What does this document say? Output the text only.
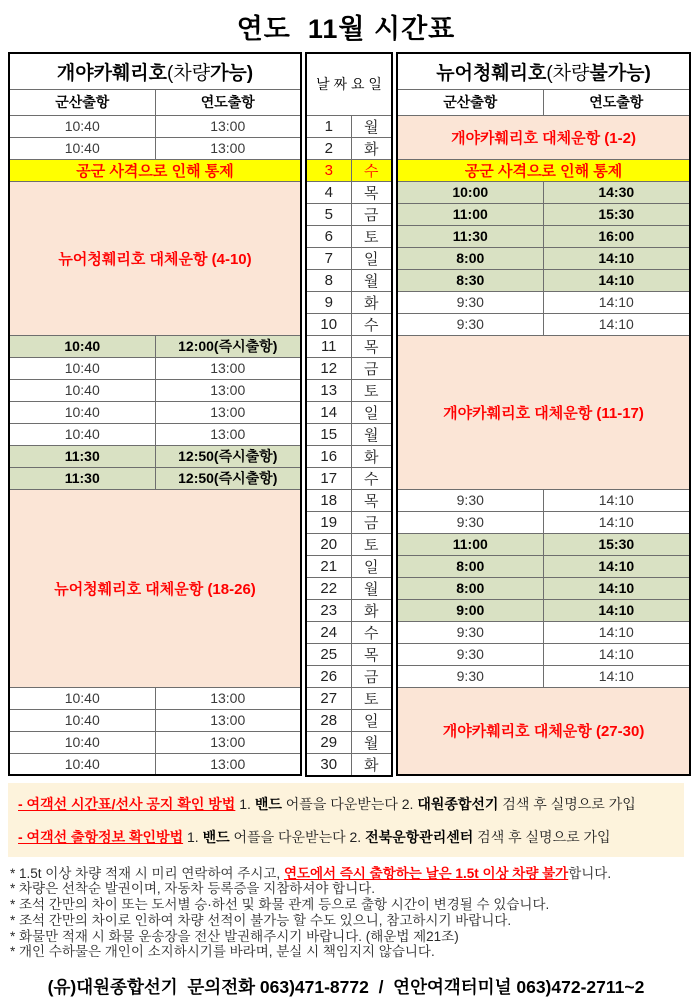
연도  11월 시간표
개야카훼리호(차량가능)	
군산출항	연도출항
10:40	13:00
10:40	13:00
공군 사격으로 인해 통제	
뉴어청훼리호 대체운항 (4-10)	

10:40	12:00(즉시출항)
10:40	13:00
10:40	13:00
10:40	13:00
10:40	13:00
11:30	12:50(즉시출항)
11:30	12:50(즉시출항)
뉴어청훼리호 대체운항 (18-26)	

10:40	13:00
10:40	13:00
10:40	13:00
10:40	13:00
날 짜 요 일	

1	월
2	화
3	수
4	목
5	금
6	토
7	일
8	월
9	화
10	수
11	목
12	금
13	토
14	일
15	월
16	화
17	수
18	목
19	금
20	토
21	일
22	월
23	화
24	수
25	목
26	금
27	토
28	일
29	월
30	화
뉴어청훼리호(차량불가능)	
군산출항	연도출항
개야카훼리호 대체운항 (1-2)	

공군 사격으로 인해 통제	
10:00	14:30
11:00	15:30
11:30	16:00
8:00	14:10
8:30	14:10
9:30	14:10
9:30	14:10
개야카훼리호 대체운항 (11-17)	

9:30	14:10
9:30	14:10
11:00	15:30
8:00	14:10
8:00	14:10
9:00	14:10
9:30	14:10
9:30	14:10
9:30	14:10
개야카훼리호 대체운항 (27-30)	

- 여객선 시간표/선사 공지 확인 방법 1. 밴드 어플을 다운받는다 2. 대원종합선기 검색 후 실명으로 가입
- 여객선 출항정보 확인방법 1. 밴드 어플을 다운받는다 2. 전북운항관리센터 검색 후 실명으로 가입
* 1.5t 이상 차량 적재 시 미리 연락하여 주시고, 연도에서 즉시 출항하는 날은 1.5t 이상 차량 불가합니다.
* 차량은 선착순 발권이며, 자동차 등록증을 지참하셔야 합니다.
* 조석 간만의 차이 또는 도서별 승·하선 및 화물 관계 등으로 출항 시간이 변경될 수 있습니다.
* 조석 간만의 차이로 인하여 차량 선적이 불가능 할 수도 있으니, 참고하시기 바랍니다.
* 화물만 적재 시 화물 운송장을 전산 발권해주시기 바랍니다. (해운법 제21조)
* 개인 수하물은 개인이 소지하시기를 바라며, 분실 시 책임지지 않습니다.
(유)대원종합선기  문의전화 063)471-8772  /  연안여객터미널 063)472-2711~2
